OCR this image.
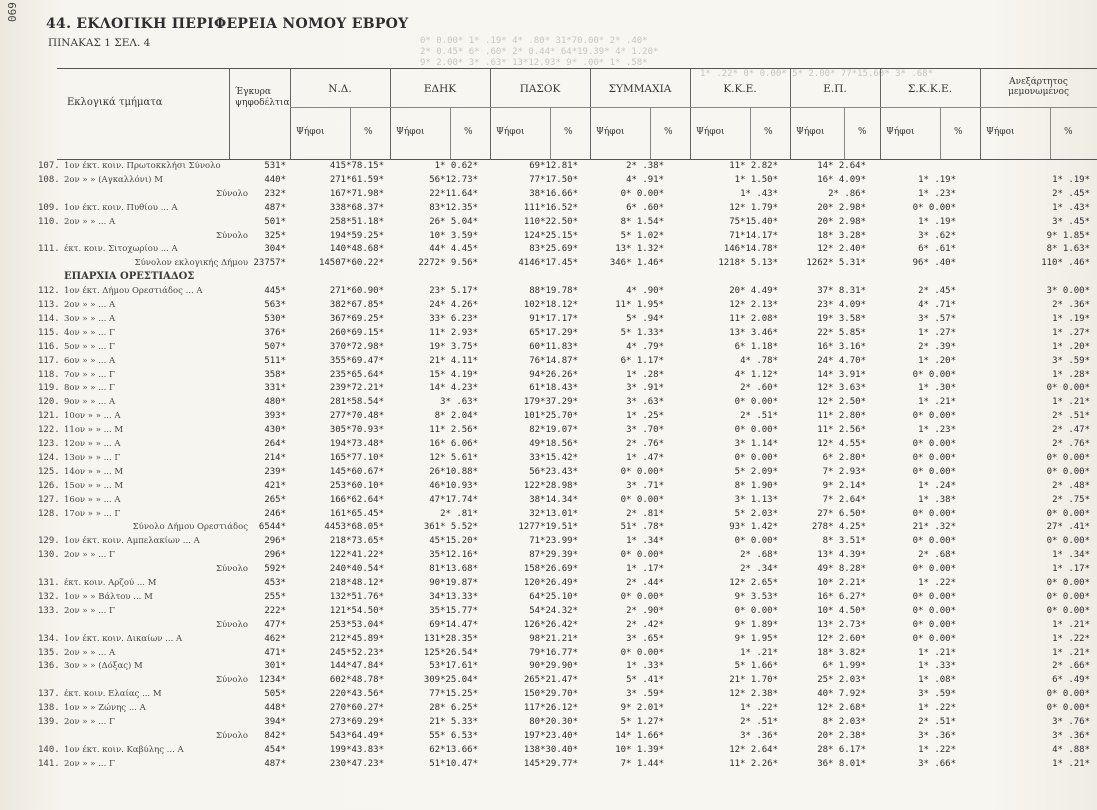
069
44. ΕΚΛΟΓΙΚΗ ΠΕΡΙΦΕΡΕΙΑ ΝΟΜΟΥ ΕΒΡΟΥ
ΠΙΝΑΚΑΣ 1 ΣΕΛ. 4	0* 0.00* 1* .19* 4* .80* 31*70.00* 2* .40*
2* 0.45* 6* .60* 2* 0.44* 64*19.39* 4* 1.20*
9* 2.00* 3* .63* 13*12.93* 9* .00* 1* .58*
1* .22* 0* 0.00* 5* 2.00* 77*15.60* 3* .68*
Εκλογικά τμήματα
Έγκυρα ψηφοδέλτια
Ν.Δ.
Ψήφοι	%
ΕΔΗΚ
Ψήφοι	%
ΠΑΣΟΚ
Ψήφοι	%
ΣΥΜΜΑΧΙΑ
Ψήφοι	%
Κ.Κ.Ε.
Ψήφοι	%
Ε.Π.
Ψήφοι	%
Σ.Κ.Κ.Ε.
Ψήφοι	%
Ανεξάρτητος μεμονωμένος
Ψήφοι	%
107. 1ον έκτ. κοιν. Πρωτοκκλήσι Σύνολο	531*	415*78.15*	1* 0.62*	69*12.81*	2* .38*	11* 2.82*	14* 2.64*
108. 2ον » » (Αγκαλλόνι) Μ	440*	271*61.59*	56*12.73*	77*17.50*	4* .91*	1* 1.50*	16* 4.09*	1* .19*	1* .19*
Σύνολο	232*	167*71.98*	22*11.64*	38*16.66*	0* 0.00*	1* .43*	2* .86*	1* .23*	2* .45*
109. 1ον έκτ. κοιν. Πυθίου ... Α	487*	338*68.37*	83*12.35*	111*16.52*	6* .60*	12* 1.79*	20* 2.98*	0* 0.00*	1* .43*
110. 2ον » » ... Α	501*	258*51.18*	26* 5.04*	110*22.50*	8* 1.54*	75*15.40*	20* 2.98*	1* .19*	3* .45*
Σύνολο	325*	194*59.25*	10* 3.59*	124*25.15*	5* 1.02*	71*14.17*	18* 3.28*	3* .62*	9* 1.85*
111. έκτ. κοιν. Σιτοχωρίου ... Α	304*	140*48.68*	44* 4.45*	83*25.69*	13* 1.32*	146*14.78*	12* 2.40*	6* .61*	8* 1.63*
Σύνολον εκλογικής Δήμου 23757*	14507*60.22*	2272* 9.56*	4146*17.45*	346* 1.46*	1218* 5.13*	1262* 5.31*	96* .40*	110* .46*
ΕΠΑΡΧΙΑ ΟΡΕΣΤΙΑΔΟΣ
112. 1ον έκτ. Δήμου Ορεστιάδος ... Α	445*	271*60.90*	23* 5.17*	88*19.78*	4* .90*	20* 4.49*	37* 8.31*	2* .45*	3* 0.00*
113. 2ον » » ... Α	563*	382*67.85*	24* 4.26*	102*18.12*	11* 1.95*	12* 2.13*	23* 4.09*	4* .71*	2* .36*
114. 3ον » » ... Α	530*	367*69.25*	33* 6.23*	91*17.17*	5* .94*	11* 2.08*	19* 3.58*	3* .57*	1* .19*
115. 4ον » » ... Γ	376*	260*69.15*	11* 2.93*	65*17.29*	5* 1.33*	13* 3.46*	22* 5.85*	1* .27*	1* .27*
116. 5ον » » ... Γ	507*	370*72.98*	19* 3.75*	60*11.83*	4* .79*	6* 1.18*	16* 3.16*	2* .39*	1* .20*
117. 6ον » » ... Α	511*	355*69.47*	21* 4.11*	76*14.87*	6* 1.17*	4* .78*	24* 4.70*	1* .20*	3* .59*
118. 7ον » » ... Γ	358*	235*65.64*	15* 4.19*	94*26.26*	1* .28*	4* 1.12*	14* 3.91*	0* 0.00*	1* .28*
119. 8ον » » ... Γ	331*	239*72.21*	14* 4.23*	61*18.43*	3* .91*	2* .60*	12* 3.63*	1* .30*	0* 0.00*
120. 9ον » » ... Α	480*	281*58.54*	3* .63*	179*37.29*	3* .63*	0* 0.00*	12* 2.50*	1* .21*	1* .21*
121. 10ον » » ... Α	393*	277*70.48*	8* 2.04*	101*25.70*	1* .25*	2* .51*	11* 2.80*	0* 0.00*	2* .51*
122. 11ον » » ... Μ	430*	305*70.93*	11* 2.56*	82*19.07*	3* .70*	0* 0.00*	11* 2.56*	1* .23*	2* .47*
123. 12ον » » ... Α	264*	194*73.48*	16* 6.06*	49*18.56*	2* .76*	3* 1.14*	12* 4.55*	0* 0.00*	2* .76*
124. 13ον » » ... Γ	214*	165*77.10*	12* 5.61*	33*15.42*	1* .47*	0* 0.00*	6* 2.80*	0* 0.00*	0* 0.00*
125. 14ον » » ... Μ	239*	145*60.67*	26*10.88*	56*23.43*	0* 0.00*	5* 2.09*	7* 2.93*	0* 0.00*	0* 0.00*
126. 15ον » » ... Μ	421*	253*60.10*	46*10.93*	122*28.98*	3* .71*	8* 1.90*	9* 2.14*	1* .24*	2* .48*
127. 16ον » » ... Α	265*	166*62.64*	47*17.74*	38*14.34*	0* 0.00*	3* 1.13*	7* 2.64*	1* .38*	2* .75*
128. 17ον » » ... Γ	246*	161*65.45*	2* .81*	32*13.01*	2* .81*	5* 2.03*	27* 6.50*	0* 0.00*	0* 0.00*
Σύνολο Δήμου Ορεστιάδος	6544*	4453*68.05*	361* 5.52*	1277*19.51*	51* .78*	93* 1.42*	278* 4.25*	21* .32*	27* .41*
129. 1ον έκτ. κοιν. Αμπελακίων ... Α	296*	218*73.65*	45*15.20*	71*23.99*	1* .34*	0* 0.00*	8* 3.51*	0* 0.00*	0* 0.00*
130. 2ον » » ... Γ	296*	122*41.22*	35*12.16*	87*29.39*	0* 0.00*	2* .68*	13* 4.39*	2* .68*	1* .34*
Σύνολο	592*	240*40.54*	81*13.68*	158*26.69*	1* .17*	2* .34*	49* 8.28*	0* 0.00*	1* .17*
131. έκτ. κοιν. Αρζού ... Μ	453*	218*48.12*	90*19.87*	120*26.49*	2* .44*	12* 2.65*	10* 2.21*	1* .22*	0* 0.00*
132. 1ον » » Βάλτου ... Μ	255*	132*51.76*	34*13.33*	64*25.10*	0* 0.00*	9* 3.53*	16* 6.27*	0* 0.00*	0* 0.00*
133. 2ον » » ... Γ	222*	121*54.50*	35*15.77*	54*24.32*	2* .90*	0* 0.00*	10* 4.50*	0* 0.00*	0* 0.00*
Σύνολο	477*	253*53.04*	69*14.47*	126*26.42*	2* .42*	9* 1.89*	13* 2.73*	0* 0.00*	1* .21*
134. 1ον έκτ. κοιν. Δικαίων ... Α	462*	212*45.89*	131*28.35*	98*21.21*	3* .65*	9* 1.95*	12* 2.60*	0* 0.00*	1* .22*
135. 2ον » » ... Α	471*	245*52.23*	125*26.54*	79*16.77*	0* 0.00*	1* .21*	18* 3.82*	1* .21*	1* .21*
136. 3ον » » (Δόξας) Μ	301*	144*47.84*	53*17.61*	90*29.90*	1* .33*	5* 1.66*	6* 1.99*	1* .33*	2* .66*
Σύνολο	1234*	602*48.78*	309*25.04*	265*21.47*	5* .41*	21* 1.70*	25* 2.03*	1* .08*	6* .49*
137. έκτ. κοιν. Ελαίας ... Μ	505*	220*43.56*	77*15.25*	150*29.70*	3* .59*	12* 2.38*	40* 7.92*	3* .59*	0* 0.00*
138. 1ον » » Ζώνης ... Α	448*	270*60.27*	28* 6.25*	117*26.12*	9* 2.01*	1* .22*	12* 2.68*	1* .22*	0* 0.00*
139. 2ον » » ... Γ	394*	273*69.29*	21* 5.33*	80*20.30*	5* 1.27*	2* .51*	8* 2.03*	2* .51*	3* .76*
Σύνολο	842*	543*64.49*	55* 6.53*	197*23.40*	14* 1.66*	3* .36*	20* 2.38*	3* .36*	3* .36*
140. 1ον έκτ. κοιν. Καβύλης ... Α	454*	199*43.83*	62*13.66*	138*30.40*	10* 1.39*	12* 2.64*	28* 6.17*	1* .22*	4* .88*
141. 2ον » » ... Γ	487*	230*47.23*	51*10.47*	145*29.77*	7* 1.44*	11* 2.26*	36* 8.01*	3* .66*	1* .21*
